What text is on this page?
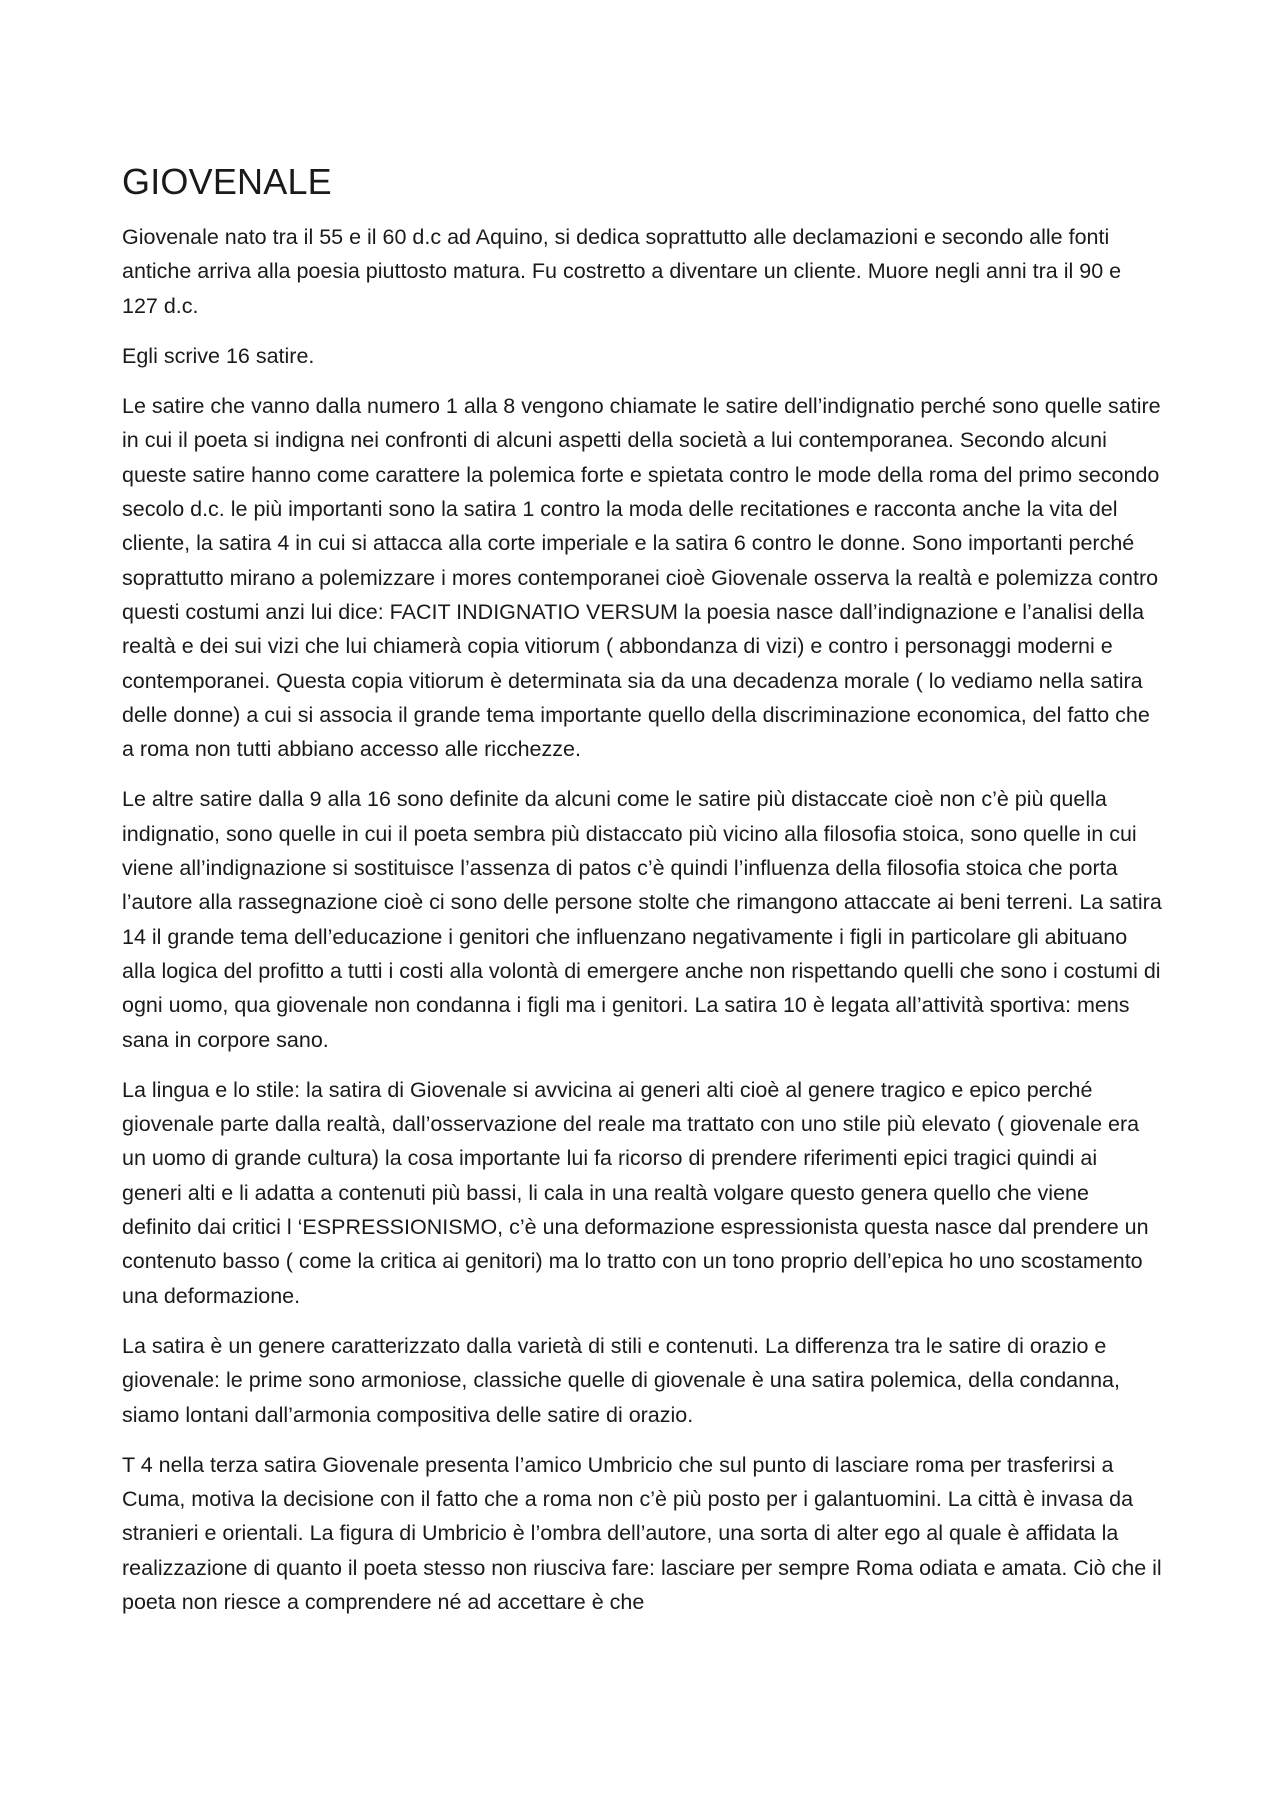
GIOVENALE

Giovenale nato tra il 55 e il 60 d.c ad Aquino, si dedica soprattutto alle declamazioni e secondo alle fonti antiche arriva alla poesia piuttosto matura. Fu costretto a diventare un cliente. Muore negli anni tra il 90 e 127 d.c.

Egli scrive 16 satire.

Le satire che vanno dalla numero 1 alla 8 vengono chiamate le satire dell’indignatio perché sono quelle satire in cui il poeta si indigna nei confronti di alcuni aspetti della società a lui contemporanea. Secondo alcuni queste satire hanno come carattere la polemica forte e spietata contro le mode della roma del primo secondo secolo d.c. le più importanti sono la satira 1 contro la moda delle recitationes e racconta anche la vita del cliente, la satira 4 in cui si attacca alla corte imperiale e la satira 6 contro le donne. Sono importanti perché soprattutto mirano a polemizzare i mores contemporanei cioè Giovenale osserva la realtà e polemizza contro questi costumi anzi lui dice: FACIT INDIGNATIO VERSUM la poesia nasce dall’indignazione e l’analisi della realtà e dei sui vizi che lui chiamerà copia vitiorum ( abbondanza di vizi) e contro i personaggi moderni e contemporanei. Questa copia vitiorum è determinata sia da una decadenza morale ( lo vediamo nella satira delle donne) a cui si associa il grande tema importante quello della discriminazione economica, del fatto che a roma non tutti abbiano accesso alle ricchezze.

Le altre satire dalla 9 alla 16 sono definite da alcuni come le satire più distaccate cioè non c’è più quella indignatio, sono quelle in cui il poeta sembra più distaccato più vicino alla filosofia stoica, sono quelle in cui viene all’indignazione si sostituisce l’assenza di patos c’è quindi l’influenza della filosofia stoica che porta l’autore alla rassegnazione cioè ci sono delle persone stolte che rimangono attaccate ai beni terreni. La satira 14 il grande tema dell’educazione i genitori che influenzano negativamente i figli in particolare gli abituano alla logica del profitto a tutti i costi alla volontà di emergere anche non rispettando quelli che sono i costumi di ogni uomo, qua giovenale non condanna i figli ma i genitori. La satira 10 è legata all’attività sportiva: mens sana in corpore sano.

La lingua e lo stile: la satira di Giovenale si avvicina ai generi alti cioè al genere tragico e epico perché giovenale parte dalla realtà, dall’osservazione del reale ma trattato con uno stile più elevato ( giovenale era un uomo di grande cultura) la cosa importante lui fa ricorso di prendere riferimenti epici tragici quindi ai generi alti e li adatta a contenuti più bassi, li cala in una realtà volgare questo genera quello che viene definito dai critici l ‘ESPRESSIONISMO, c’è una deformazione espressionista questa nasce dal prendere un contenuto basso ( come la critica ai genitori) ma lo tratto con un tono proprio dell’epica ho uno scostamento una deformazione.

La satira è un genere caratterizzato dalla varietà di stili e contenuti. La differenza tra le satire di orazio e giovenale: le prime sono armoniose, classiche quelle di giovenale è una satira polemica, della condanna, siamo lontani dall’armonia compositiva delle satire di orazio.

T 4 nella terza satira Giovenale presenta l’amico Umbricio che sul punto di lasciare roma per trasferirsi a Cuma, motiva la decisione con il fatto che a roma non c’è più posto per i galantuomini. La città è invasa da stranieri e orientali. La figura di Umbricio è l’ombra dell’autore, una sorta di alter ego al quale è affidata la realizzazione di quanto il poeta stesso non riusciva fare: lasciare per sempre Roma odiata e amata. Ciò che il poeta non riesce a comprendere né ad accettare è che
